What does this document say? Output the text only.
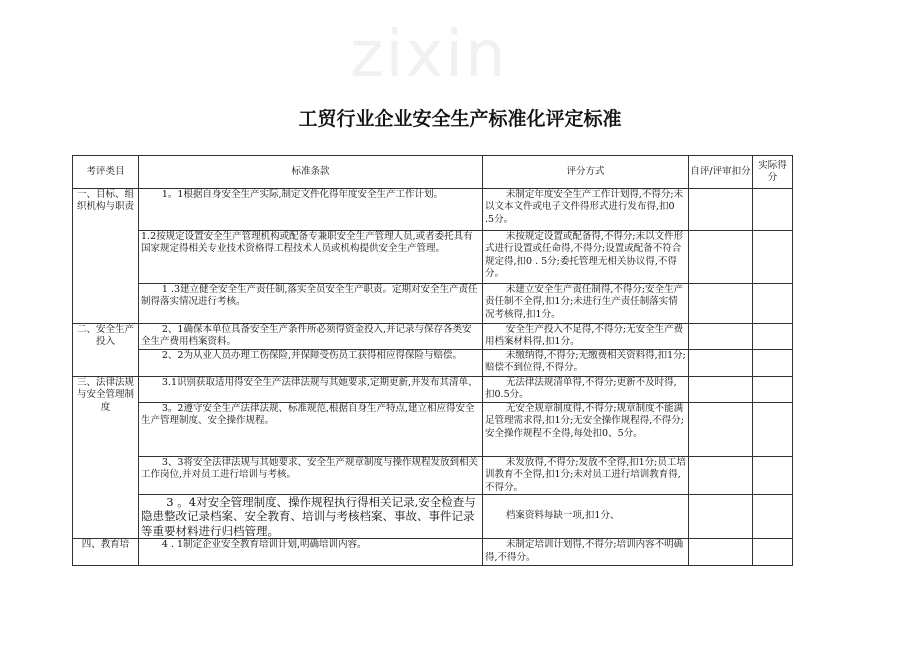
zixin
工贸行业企业安全生产标准化评定标准
考评类目	标准条款	评分方式	自评/评审扣分	实际得分
一、目标、组织机构与职责	1。1根据自身安全生产实际,制定文件化得年度安全生产工作计划。	未制定年度安全生产工作计划得,不得分;未以文本文件或电子文件得形式进行发布得,扣0 .5分。		
	1.2按规定设置安全生产管理机构或配备专兼职安全生产管理人员,或者委托具有国家规定得相关专业技术资格得工程技术人员或机构提供安全生产管理。	未按规定设置或配备得,不得分;未以文件形式进行设置或任命得,不得分;设置或配备不符合规定得,扣0 . 5分;委托管理无相关协议得,不得分。		
	1 .3建立健全安全生产责任制,落实全员安全生产职责。定期对安全生产责任制得落实情况进行考核。	未建立安全生产责任制得,不得分;安全生产责任制不全得,扣1分;未进行生产责任制落实情况考核得,扣1分。		
二、安全生产投入	2、1确保本单位具备安全生产条件所必须得资金投入,并记录与保存各类安全生产费用档案资料。	安全生产投入不足得,不得分;无安全生产费用档案材料得,扣1分。		
	2、2为从业人员办理工伤保险,并保障受伤员工获得相应得保险与赔偿。	未缴纳得,不得分;无缴费相关资料得,扣1分;赔偿不到位得,不得分。		
三、法律法规与安全管理制度	3.1识别获取适用得安全生产法律法规与其她要求,定期更新,并发布其清单、	无法律法规清单得,不得分;更新不及时得,扣0.5分。		
	3。2遵守安全生产法律法规、标准规范,根据自身生产特点,建立相应得安全生产管理制度、安全操作规程。	无安全规章制度得,不得分;规章制度不能满足管理需求得,扣1分;无安全操作规程得,不得分;安全操作规程不全得,每处扣0、5分。		
	3、3将安全法律法规与其她要求、安全生产规章制度与操作规程发放到相关工作岗位,并对员工进行培训与考核。	未发放得,不得分;发放不全得,扣1分;员工培训教育不全得,扣1分;未对员工进行培训教育得,不得分。		
	3 。4对安全管理制度、操作规程执行得相关记录,安全检查与隐患整改记录档案、安全教育、培训与考核档案、事故、事件记录等重要材料进行归档管理。	档案资料每缺一项,扣1分、		
四、教育培	4 . 1制定企业安全教育培训计划,明确培训内容。	未制定培训计划得,不得分;培训内容不明确得,不得分。		
